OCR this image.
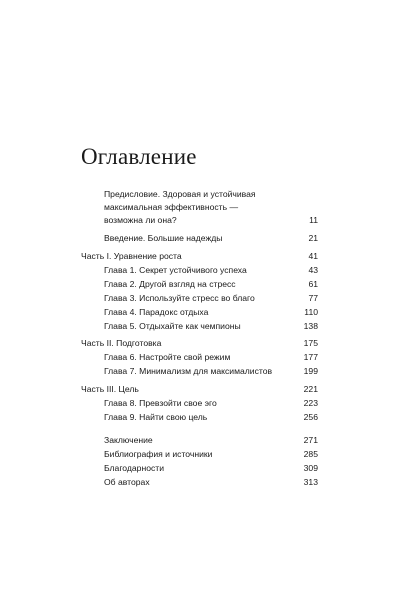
Оглавление
Предисловие. Здоровая и устойчивая
максимальная эффективность —
возможна ли она?	11
Введение. Большие надежды	21
Часть I. Уравнение роста	41
Глава 1. Секрет устойчивого успеха	43
Глава 2. Другой взгляд на стресс	61
Глава 3. Используйте стресс во благо	77
Глава 4. Парадокс отдыха	110
Глава 5. Отдыхайте как чемпионы	138
Часть II. Подготовка	175
Глава 6. Настройте свой режим	177
Глава 7. Минимализм для максималистов	199
Часть III. Цель	221
Глава 8. Превзойти свое эго	223
Глава 9. Найти свою цель	256
Заключение	271
Библиография и источники	285
Благодарности	309
Об авторах	313
